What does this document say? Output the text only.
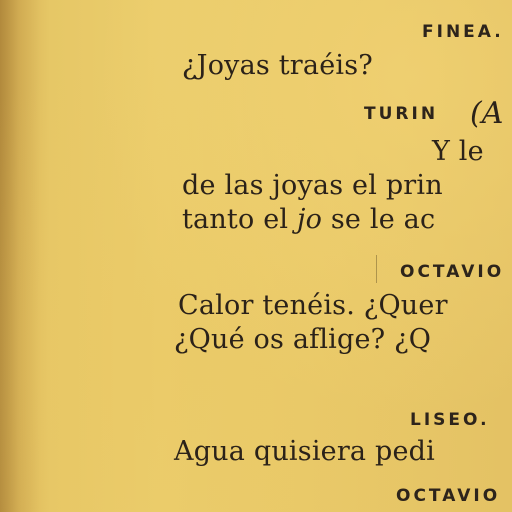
FINEA.
¿Joyas traéis?
TURIN (A
Y le
de las joyas el prin
tanto el jo se le ac
OCTAVIO
Calor tenéis. ¿Quer
¿Qué os aflige? ¿Q
LISEO.
Agua quisiera pedi
OCTAVIO
